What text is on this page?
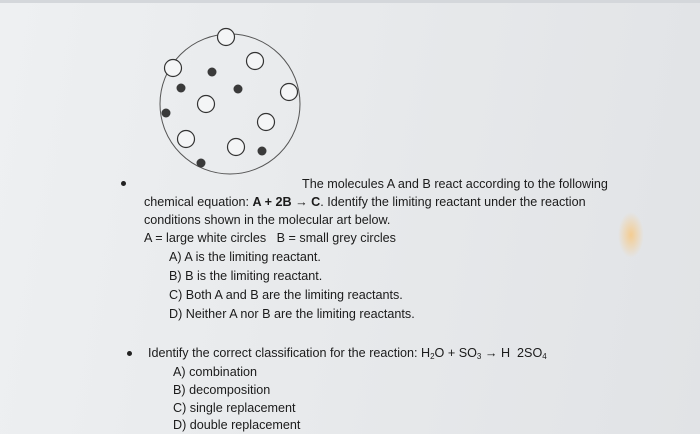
The molecules A and B react according to the following
chemical equation: A + 2B → C. Identify the limiting reactant under the reaction
conditions shown in the molecular art below.
A = large white circles   B = small grey circles
A) A is the limiting reactant.
B) B is the limiting reactant.
C) Both A and B are the limiting reactants.
D) Neither A nor B are the limiting reactants.
Identify the correct classification for the reaction: $H_2O + SO_3 \to H$  $2SO_4$
A) combination
B) decomposition
C) single replacement
D) double replacement
